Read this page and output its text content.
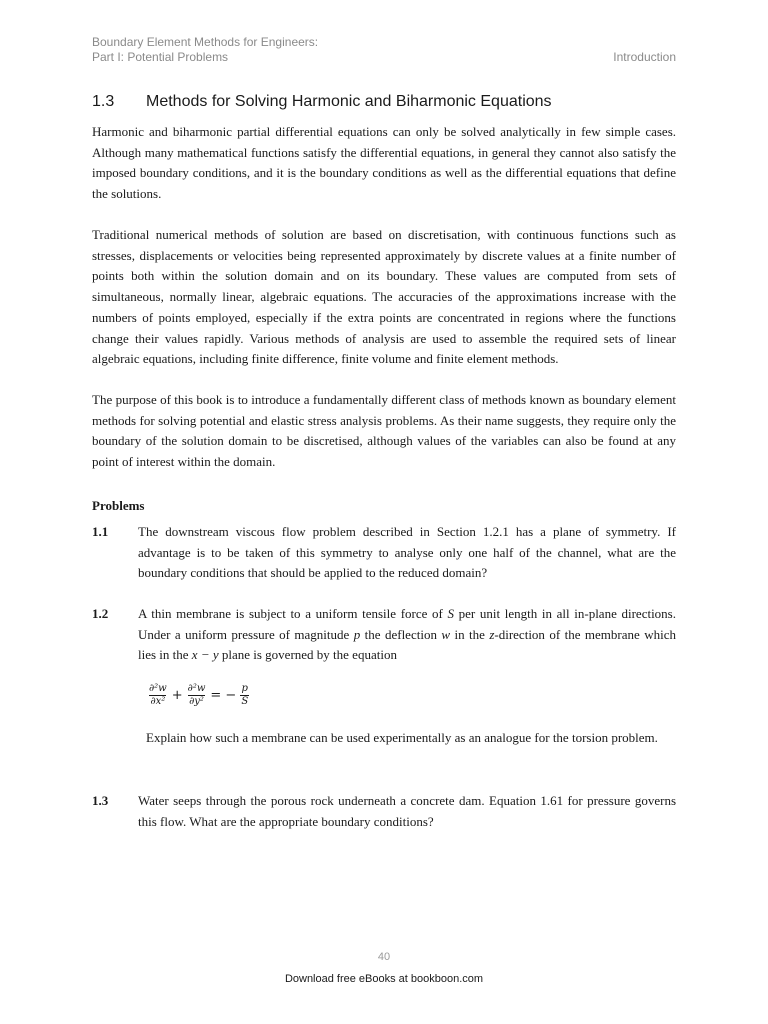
Boundary Element Methods for Engineers:
Part I: Potential Problems	Introduction
1.3 Methods for Solving Harmonic and Biharmonic Equations

Harmonic and biharmonic partial differential equations can only be solved analytically in few simple cases. Although many mathematical functions satisfy the differential equations, in general they cannot also satisfy the imposed boundary conditions, and it is the boundary conditions as well as the differential equations that define the solutions.

Traditional numerical methods of solution are based on discretisation, with continuous functions such as stresses, displacements or velocities being represented approximately by discrete values at a finite number of points both within the solution domain and on its boundary. These values are computed from sets of simultaneous, normally linear, algebraic equations. The accuracies of the approximations increase with the numbers of points employed, especially if the extra points are concentrated in regions where the functions change their values rapidly. Various methods of analysis are used to assemble the required sets of linear algebraic equations, including finite difference, finite volume and finite element methods.

The purpose of this book is to introduce a fundamentally different class of methods known as boundary element methods for solving potential and elastic stress analysis problems. As their name suggests, they require only the boundary of the solution domain to be discretised, although values of the variables can also be found at any point of interest within the domain.

Problems
1.1	The downstream viscous flow problem described in Section 1.2.1 has a plane of symmetry. If advantage is to be taken of this symmetry to analyse only one half of the channel, what are the boundary conditions that should be applied to the reduced domain?

1.2	A thin membrane is subject to a uniform tensile force of S per unit length in all in-plane directions. Under a uniform pressure of magnitude p the deflection w in the z-direction of the membrane which lies in the x − y plane is governed by the equation

$\frac{\text{∂²w}}{\text{∂x²}} + \frac{\text{∂²w}}{\text{∂y²}}$ = − $\frac{p}{S}$

Explain how such a membrane can be used experimentally as an analogue for the torsion problem.

1.3	Water seeps through the porous rock underneath a concrete dam. Equation 1.61 for pressure governs this flow. What are the appropriate boundary conditions?

40
Download free eBooks at bookboon.com
